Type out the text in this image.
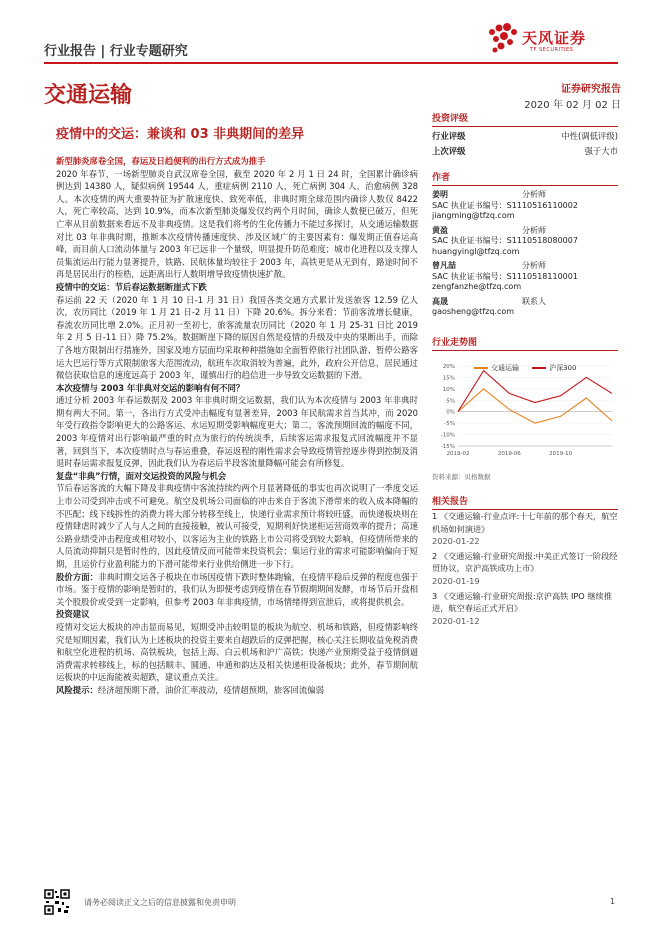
行业报告 | 行业专题研究
天风证券
TF SECURITIES
交通运输	证券研究报告
2020 年 02 月 02 日
疫情中的交运：兼谈和 03 非典期间的差异

新型肺炎席卷全国，春运及日趋便利的出行方式成为推手

2020 年春节，一场新型肺炎自武汉席卷全国，截至 2020 年 2 月 1 日 24 时，全国累计确诊病例达到 14380 人，疑似病例 19544 人，重症病例 2110 人，死亡病例 304 人，治愈病例 328 人。本次疫情的两大重要特征为扩散速度快、致死率低，非典时期全球范围内确诊人数仅 8422 人，死亡率较高，达到 10.9%，而本次新型肺炎爆发仅约两个月时间，确诊人数便已破万，但死亡率从目前数据来看远不及非典疫情。这是我们将考的生化传播力不能过多探讨，从交通运输数据对比 03 年非典时期，推断本次疫情传播速度快、涉及区域广的主要因素有：爆发期正值春运高峰，而目前人口流动体量与 2003 年已远非一个量级，明显提升防范难度；城市化进程以及支撑人员集流运出行能力显著提升，铁路、民航体量均较往于 2003 年，高铁更是从无到有，路途时间不再是居民出行的桎梏，远距离出行人数明增导致疫情快速扩散。

疫情中的交运：节后春运数据断崖式下跌

春运前 22 天（2020 年 1 月 10 日-1 月 31 日）我国各类交通方式累计发送旅客 12.59 亿人次，农历同比（2019 年 1 月 21 日-2 月 11 日）下降 20.6%。拆分来看：节前客流增长健康，春流农历同比增 2.0%。正月初一至初七，旅客流量农历同比（2020 年 1 月 25-31 日比 2019 年 2 月 5 日-11 日）降 75.2%。数据断崖下降的原因自然是疫情的升级及中央的果断出手，而除了各地方限制出行措施外，国家及地方层面均采取种种措施如全面暂停旅行社团队游、暂停公路客运大巴运行等方式限制旅客大范围流动，航班车次取消较为普遍，此外，政府公开信息，居民通过微信获取信息的速度远高于 2003 年，谨慎出行的趋信进一步导致交运数据的下滑。

本次疫情与 2003 年非典对交运的影响有何不同？

通过分析 2003 年春运数据及 2003 年非典时期交运数据，我们认为本次疫情与 2003 年非典时期有两大不同。第一，各出行方式受冲击幅度有显著差异，2003 年民航需求首当其冲，而 2020 年受行政指令影响更大的公路客运、水运短期受影响幅度更大；第二，客流预期回流的幅度不同，2003 年疫情对出行影响最严重的时点为旅行的传统淡季，后续客运需求报复式回流幅度并不显著，回到当下，本次疫情时点与春运重叠，春运返程的刚性需求会导致疫情管控逐步得到控制及消退时春运需求报复反弹，因此我们认为春运后半段客流量降幅可能会有所修复。

复盘“非典”行情，面对交运投资的风险与机会

节后春运客流的大幅下降及非典疫情中客流持续约两个月显著降低的事实也再次说明了一季度交运上市公司受到冲击或不可避免。航空及机场公司面临的冲击来自于客流下滑带来的收入成本降幅的不匹配；线下线拆性的消费力将大部分转移至线上，快递行业需求预计将较旺盛，而快递板块则在疫情肆虐时减少了人与人之间的直接接触，被认可接受，短期利好快递柜运营商效率的提升；高速公路业绩受冲击程度或相对较小，以客运为主业的铁路上市公司将受到较大影响，但疫情所带来的人员流动抑制只是暂时性的，因此疫情反而可能带来投资机会；集运行业的需求可能影响偏向于短期，且运价行业盈利能力的下滑可能带来行业供给侧进一步下行。

股价方面：非典时期交运各子板块在市场因疫情下跌时整体跑输，在疫情平稳后反弹的程度也强于市场。鉴于疫情的影响是暂时的，我们认为即便考虑到疫情在春节假期期间发酵，市场节后开盘相关个股股价或受到一定影响，但参考 2003 年非典疫情，市场情绪得到宣泄后，或将提供机会。

投资建议

疫情对交运大板块的冲击显而易见，短期受冲击较明显的板块为航空、机场和铁路，但疫情影响终究是短期因素，我们认为上述板块的投资主要来自超跌后的反弹把握，核心关注长期收益免税消费和航空化进程的机场、高铁板块，包括上海、白云机场和沪广高铁；快递产业预期受益于疫情倒逼消费需求转移线上，标的包括顺丰、圆通、申通和韵达及相关快递柜设备板块；此外，春节期间航运板块的中远海能被卖超跌，建议重点关注。

风险提示：经济超预期下滑，油价汇率波动，疫情超预期，旅客回流偏弱

投资评级
行业评级	中性(调低评级)
上次评级	强于大市
作者
姜明	分析师
SAC 执业证书编号：S1110516110002
jiangming@tfzq.com
黄盈	分析师
SAC 执业证书编号：S1110518080007
huangyingl@tfzq.com
曾凡喆	分析师
SAC 执业证书编号：S1110518110001
zengfanzhe@tfzq.com
高晟	联系人
gaosheng@tfzq.com
行业走势图
交通运输
	沪深300
20%
15%
10%
5%
0%
-5%
-10%
-15%
2019-02	2019-06	2019-10
资料来源：贝格数据
相关报告
1 《交通运输-行业点评:十七年前的那个春天，航空机场如何演进》
2020-01-22
2 《交通运输-行业研究周报:中美正式签订一阶段经贸协议，京沪高铁成功上市》
2020-01-19
3 《交通运输-行业研究周报:京沪高铁 IPO 继续推进，航空春运正式开启》
2020-01-12
请务必阅读正文之后的信息披露和免责申明	1
